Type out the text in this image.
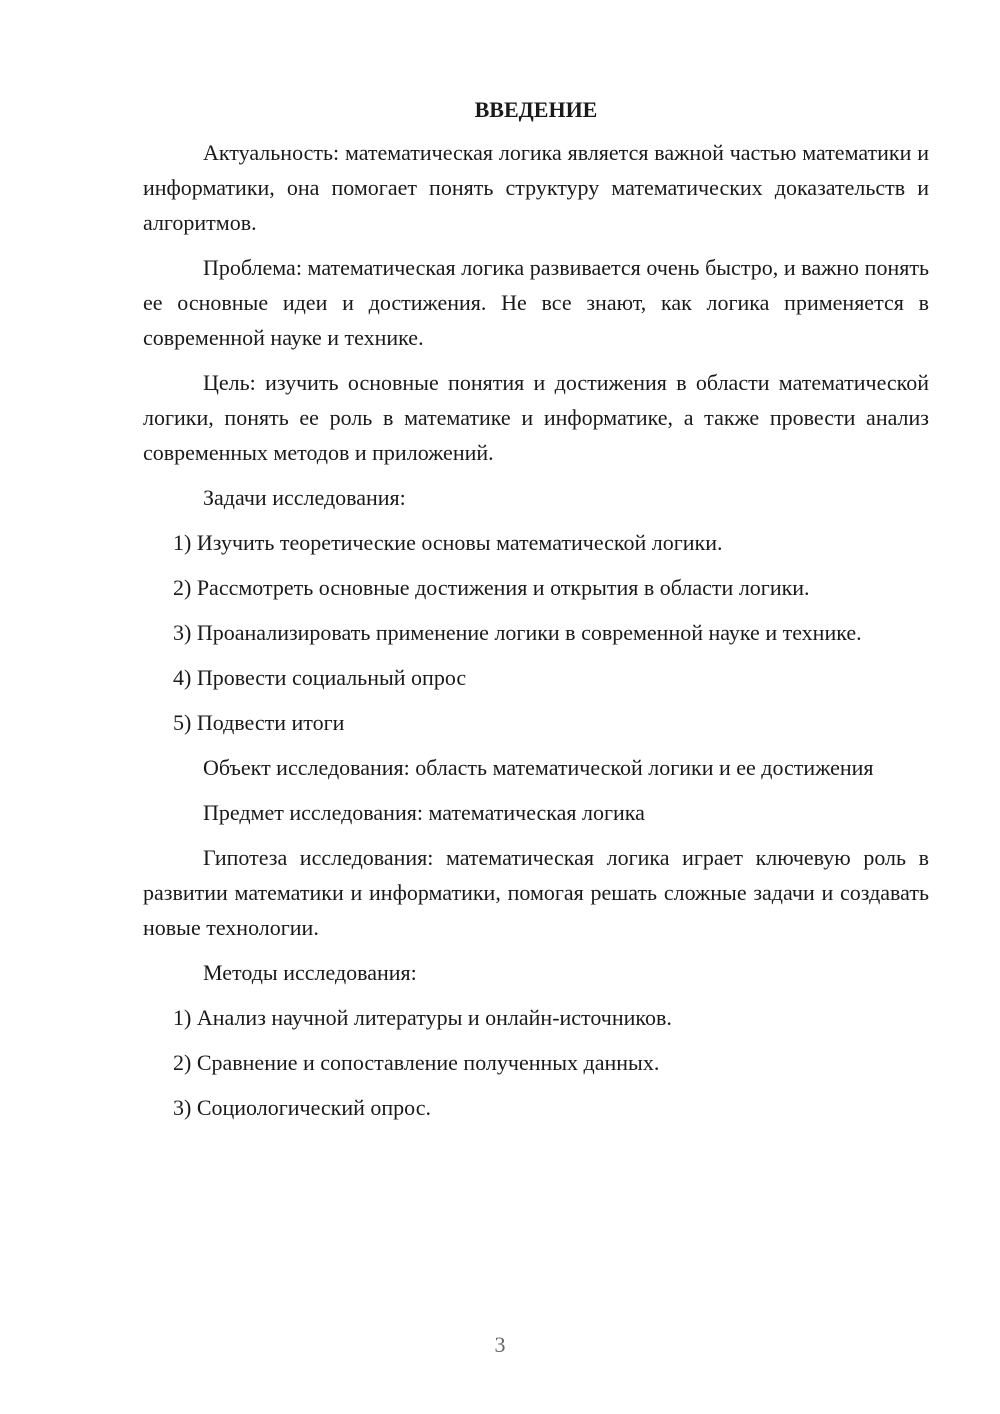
ВВЕДЕНИЕ
Актуальность: математическая логика является важной частью математики и информатики, она помогает понять структуру математических доказательств и алгоритмов.
Проблема: математическая логика развивается очень быстро, и важно понять ее основные идеи и достижения. Не все знают, как логика применяется в современной науке и технике.
Цель: изучить основные понятия и достижения в области математической логики, понять ее роль в математике и информатике, а также провести анализ современных методов и приложений.
Задачи исследования:
1) Изучить теоретические основы математической логики.
2) Рассмотреть основные достижения и открытия в области логики.
3) Проанализировать применение логики в современной науке и технике.
4) Провести социальный опрос
5) Подвести итоги
Объект исследования: область математической логики и ее достижения
Предмет исследования: математическая логика
Гипотеза исследования: математическая логика играет ключевую роль в развитии математики и информатики, помогая решать сложные задачи и создавать новые технологии.
Методы исследования:
1) Анализ научной литературы и онлайн-источников.
2) Сравнение и сопоставление полученных данных.
3) Социологический опрос.
3
